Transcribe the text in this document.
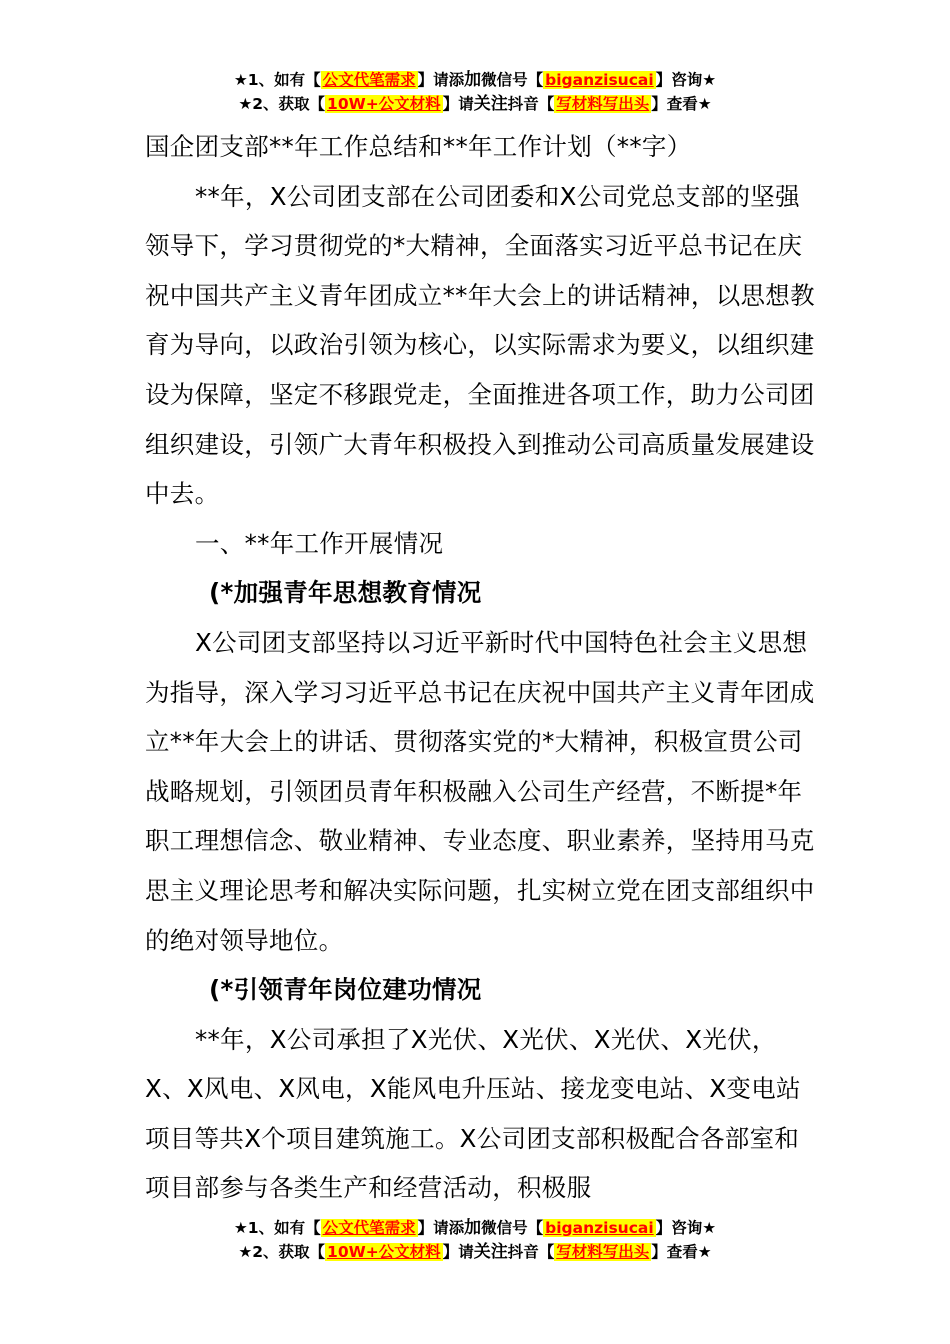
★1、如有【 公文代笔需求 】请添加微信号【 biganzisucai 】咨询★
★2、获取【 10W+公文材料 】请关注抖音【 写材料写出头 】查看★

国企团支部**年工作总结和**年工作计划（**字）

**年，X公司团支部在公司团委和X公司党总支部的坚强领导下，学习贯彻党的*大精神，全面落实习近平总书记在庆祝中国共产主义青年团成立**年大会上的讲话精神，以思想教育为导向，以政治引领为核心，以实际需求为要义，以组织建设为保障，坚定不移跟党走，全面推进各项工作，助力公司团组织建设，引领广大青年积极投入到推动公司高质量发展建设中去。

一、**年工作开展情况

(*加强青年思想教育情况

X公司团支部坚持以习近平新时代中国特色社会主义思想为指导，深入学习习近平总书记在庆祝中国共产主义青年团成立**年大会上的讲话、贯彻落实党的*大精神，积极宣贯公司战略规划，引领团员青年积极融入公司生产经营，不断提*年职工理想信念、敬业精神、专业态度、职业素养，坚持用马克思主义理论思考和解决实际问题，扎实树立党在团支部组织中的绝对领导地位。

(*引领青年岗位建功情况

**年，X公司承担了X光伏、X光伏、X光伏、X光伏，X、X风电、X风电，X能风电升压站、接龙变电站、X变电站项目等共X个项目建筑施工。X公司团支部积极配合各部室和项目部参与各类生产和经营活动，积极服

★1、如有【 公文代笔需求 】请添加微信号【 biganzisucai 】咨询★
★2、获取【 10W+公文材料 】请关注抖音【 写材料写出头 】查看★
